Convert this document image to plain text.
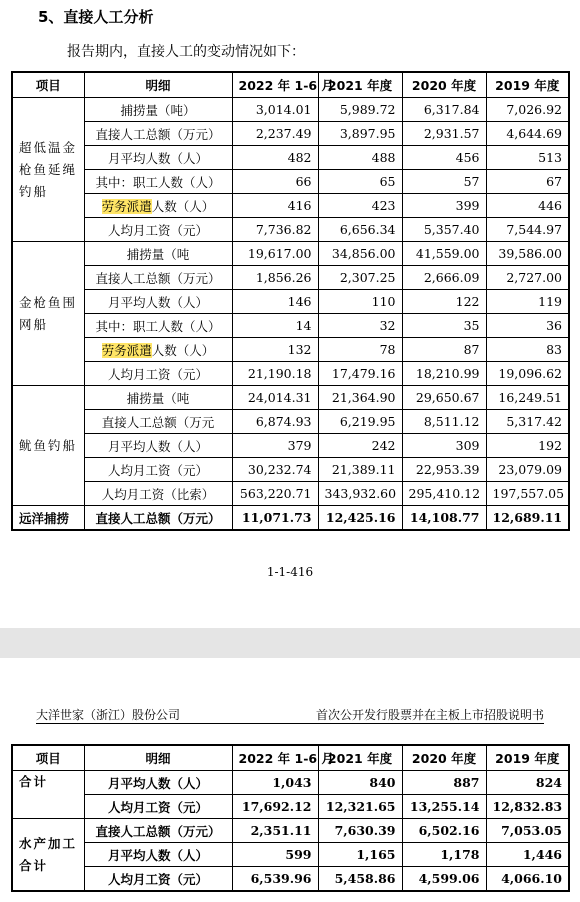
5、直接人工分析
报告期内，直接人工的变动情况如下：
项目	明细	2022 年 1-6 月	2021 年度	2020 年度	2019 年度
超低温金枪鱼延绳钓船	捕捞量（吨）	3,014.01	5,989.72	6,317.84	7,026.92
	直接人工总额（万元）	2,237.49	3,897.95	2,931.57	4,644.69
	月平均人数（人）	482	488	456	513
	其中：职工人数（人）	66	65	57	67
	劳务派遣人数（人）	416	423	399	446
	人均月工资（元）	7,736.82	6,656.34	5,357.40	7,544.97
金枪鱼围网船	捕捞量（吨	19,617.00	34,856.00	41,559.00	39,586.00
	直接人工总额（万元）	1,856.26	2,307.25	2,666.09	2,727.00
	月平均人数（人）	146	110	122	119
	其中：职工人数（人）	14	32	35	36
	劳务派遣人数（人）	132	78	87	83
	人均月工资（元）	21,190.18	17,479.16	18,210.99	19,096.62
鱿鱼钓船	捕捞量（吨	24,014.31	21,364.90	29,650.67	16,249.51
	直接人工总额（万元	6,874.93	6,219.95	8,511.12	5,317.42
	月平均人数（人）	379	242	309	192
	人均月工资（元）	30,232.74	21,389.11	22,953.39	23,079.09
	人均月工资（比索）	563,220.71	343,932.60	295,410.12	197,557.05
远洋捕捞	直接人工总额（万元）	11,071.73	12,425.16	14,108.77	12,689.11
1-1-416
大洋世家（浙江）股份公司	首次公开发行股票并在主板上市招股说明书
项目	明细	2022 年 1-6 月	2021 年度	2020 年度	2019 年度
合计	月平均人数（人）	1,043	840	887	824
	人均月工资（元）	17,692.12	12,321.65	13,255.14	12,832.83
水产加工合计	直接人工总额（万元）	2,351.11	7,630.39	6,502.16	7,053.05
	月平均人数（人）	599	1,165	1,178	1,446
	人均月工资（元）	6,539.96	5,458.86	4,599.06	4,066.10
